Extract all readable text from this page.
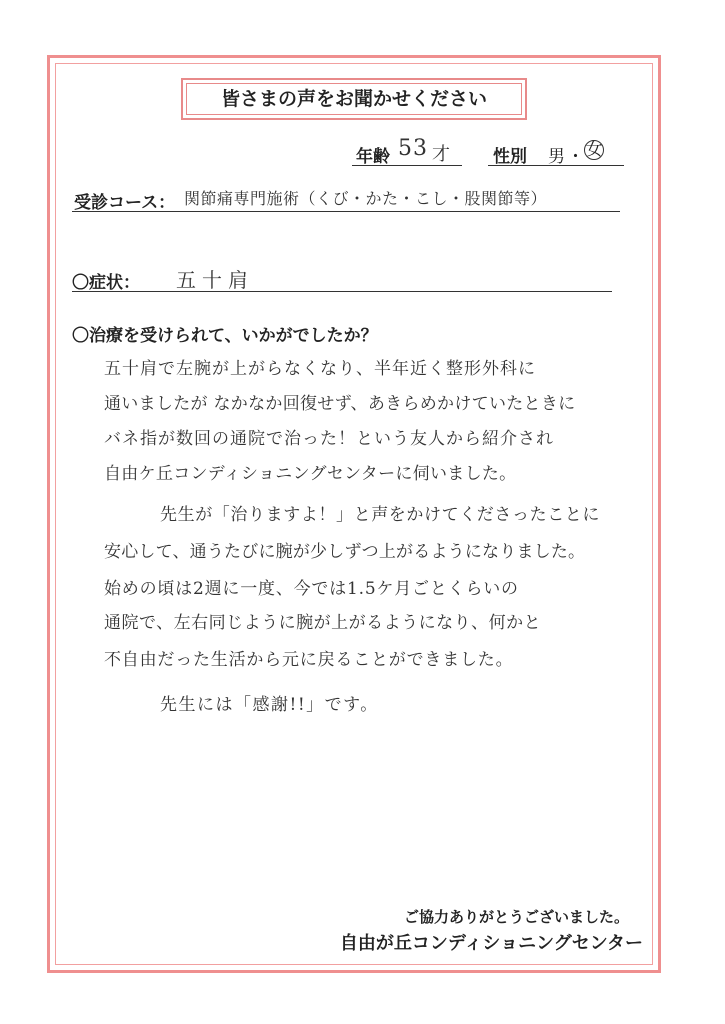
皆さまの声をお聞かせください
年齢 53 才 性別 男 ・ 女
受診コース： 関節痛専門施術（くび・かた・こし・股関節等）
〇症状： 五十肩
〇治療を受けられて、いかがでしたか？
五十肩で左腕が上がらなくなり、半年近く整形外科に
通いましたが なかなか回復せず、あきらめかけていたときに
バネ指が数回の通院で治った！という友人から紹介され
自由ケ丘コンディショニングセンターに伺いました。
先生が「治りますよ！」と声をかけてくださったことに
安心して、通うたびに腕が少しずつ上がるようになりました。
始めの頃は2週に一度、今では1.5ケ月ごとくらいの
通院で、左右同じように腕が上がるようになり、何かと
不自由だった生活から元に戻ることができました。
先生には「感謝!!」です。
ご協力ありがとうございました。
自由が丘コンディショニングセンター
